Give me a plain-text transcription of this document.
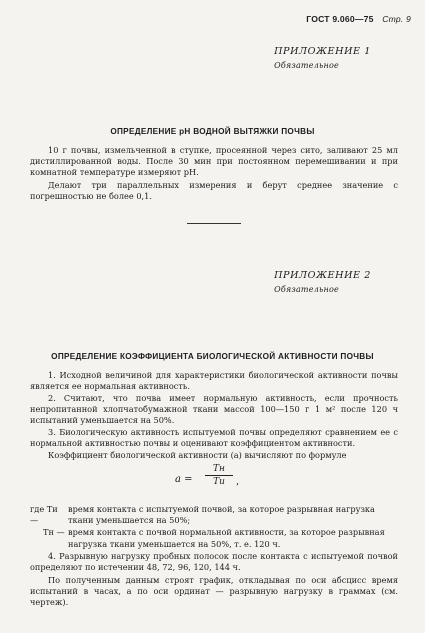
ГОСТ 9.060—75 Стр. 9
ПРИЛОЖЕНИЕ 1
Обязательное
ОПРЕДЕЛЕНИЕ рН ВОДНОЙ ВЫТЯЖКИ ПОЧВЫ
10 г почвы, измельченной в ступке, просеянной через сито, заливают 25 мл дистиллированной воды. После 30 мин при постоянном перемешивании и при комнатной температуре измеряют рН.
Делают три параллельных измерения и берут среднее значение с погрешностью не более 0,1.
ПРИЛОЖЕНИЕ 2
Обязательное
ОПРЕДЕЛЕНИЕ КОЭФФИЦИЕНТА БИОЛОГИЧЕСКОЙ АКТИВНОСТИ ПОЧВЫ
1. Исходной величиной для характеристики биологической активности почвы является ее нормальная активность.
2. Считают, что почва имеет нормальную активность, если прочность непропитанной хлопчатобумажной ткани массой 100—150 г 1 м² после 120 ч испытаний уменьшается на 50%.
3. Биологическую активность испытуемой почвы определяют сравнением ее с нормальной активностью почвы и оценивают коэффициентом активности.
Коэффициент биологической активности (a) вычисляют по формуле
a =
Tн
Tи	,
где Tи —
время контакта с испытуемой почвой, за которое разрывная нагрузка ткани уменьшается на 50%;
Tн — время контакта с почвой нормальной активности, за которое разрывная нагрузка ткани уменьшается на 50%, т. е. 120 ч.
4. Разрывную нагрузку пробных полосок после контакта с испытуемой почвой определяют по истечении 48, 72, 96, 120, 144 ч.
По полученным данным строят график, откладывая по оси абсцисс время испытаний в часах, а по оси ординат — разрывную нагрузку в граммах (см. чертеж).
